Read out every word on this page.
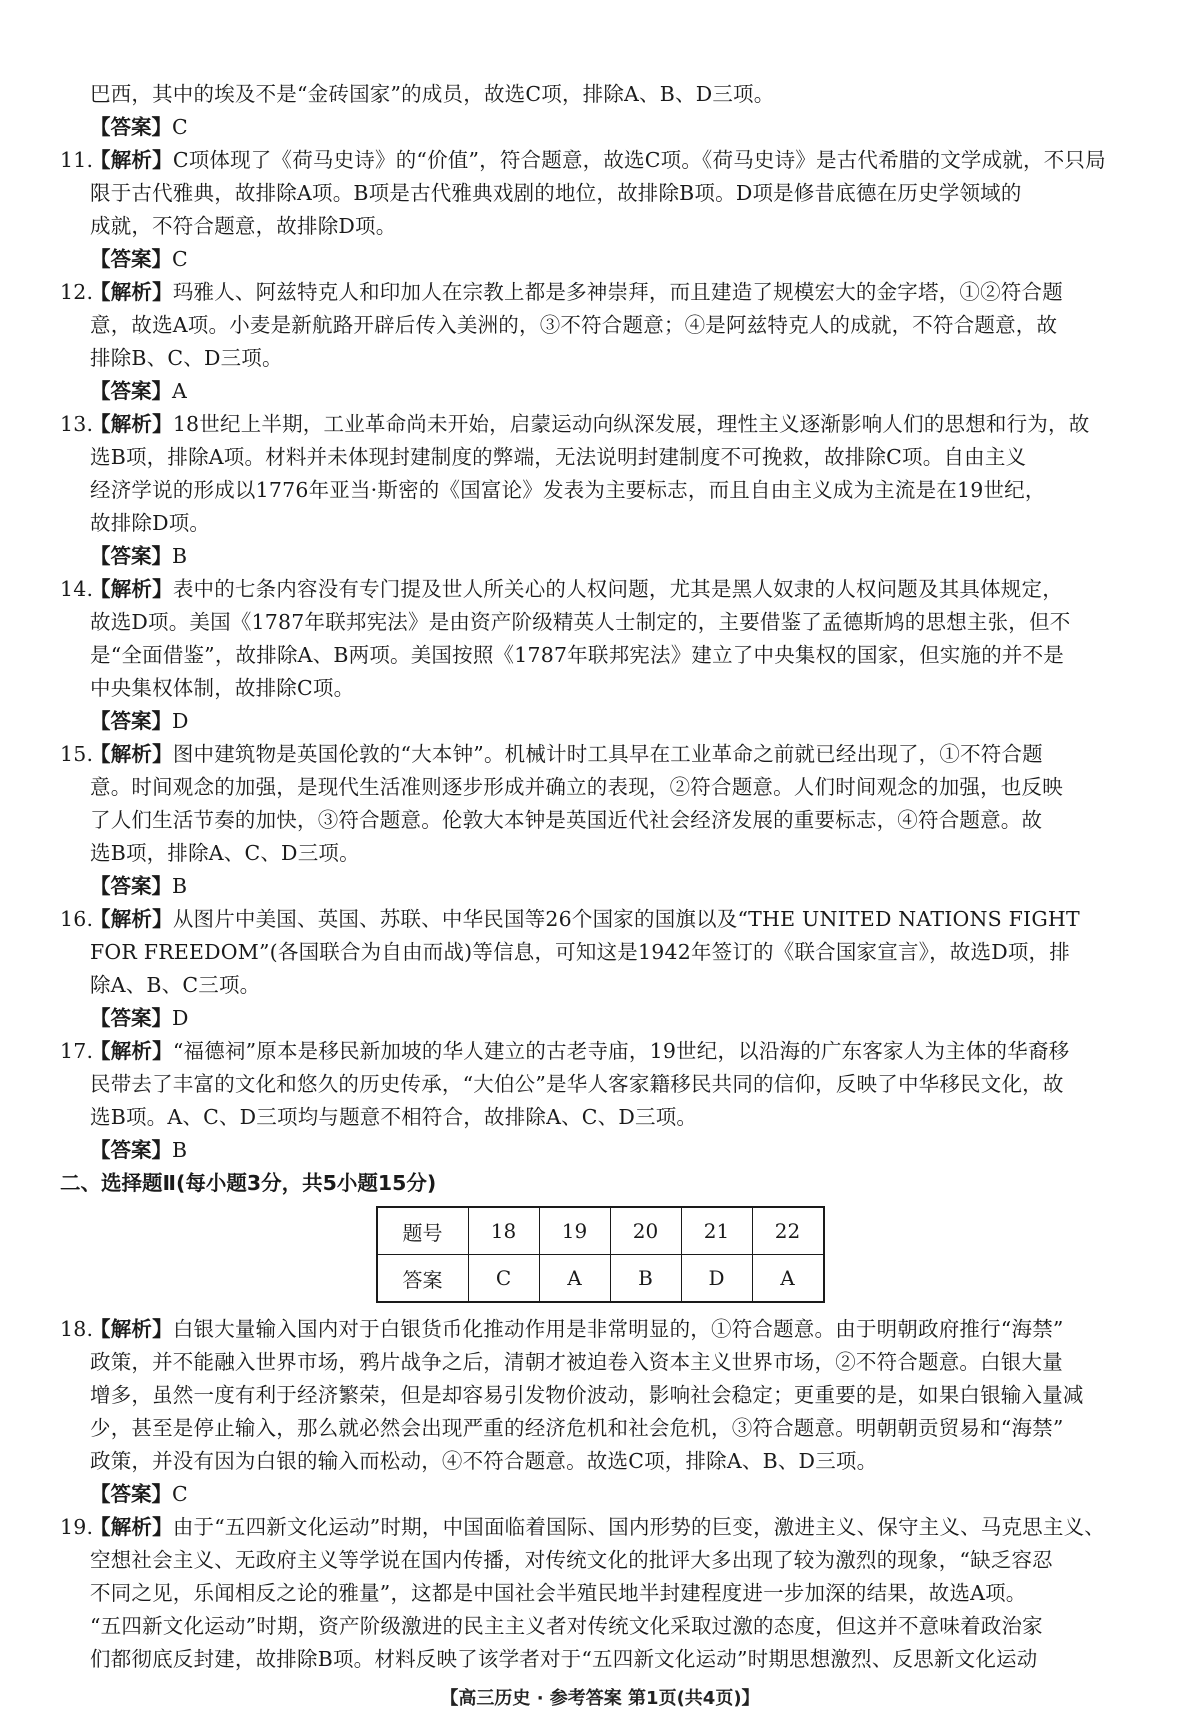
巴西，其中的埃及不是“金砖国家”的成员，故选C项，排除A、B、D三项。

【答案】C

11.【解析】C项体现了《荷马史诗》的“价值”，符合题意，故选C项。《荷马史诗》是古代希腊的文学成就，不只局
限于古代雅典，故排除A项。B项是古代雅典戏剧的地位，故排除B项。D项是修昔底德在历史学领域的
成就，不符合题意，故排除D项。

【答案】C

12.【解析】玛雅人、阿兹特克人和印加人在宗教上都是多神崇拜，而且建造了规模宏大的金字塔，①②符合题
意，故选A项。小麦是新航路开辟后传入美洲的，③不符合题意；④是阿兹特克人的成就，不符合题意，故
排除B、C、D三项。

【答案】A

13.【解析】18世纪上半期，工业革命尚未开始，启蒙运动向纵深发展，理性主义逐渐影响人们的思想和行为，故
选B项，排除A项。材料并未体现封建制度的弊端，无法说明封建制度不可挽救，故排除C项。自由主义
经济学说的形成以1776年亚当·斯密的《国富论》发表为主要标志，而且自由主义成为主流是在19世纪，
故排除D项。

【答案】B

14.【解析】表中的七条内容没有专门提及世人所关心的人权问题，尤其是黑人奴隶的人权问题及其具体规定，
故选D项。美国《1787年联邦宪法》是由资产阶级精英人士制定的，主要借鉴了孟德斯鸠的思想主张，但不
是“全面借鉴”，故排除A、B两项。美国按照《1787年联邦宪法》建立了中央集权的国家，但实施的并不是
中央集权体制，故排除C项。

【答案】D

15.【解析】图中建筑物是英国伦敦的“大本钟”。机械计时工具早在工业革命之前就已经出现了，①不符合题
意。时间观念的加强，是现代生活准则逐步形成并确立的表现，②符合题意。人们时间观念的加强，也反映
了人们生活节奏的加快，③符合题意。伦敦大本钟是英国近代社会经济发展的重要标志，④符合题意。故
选B项，排除A、C、D三项。

【答案】B

16.【解析】从图片中美国、英国、苏联、中华民国等26个国家的国旗以及“THE UNITED NATIONS FIGHT
FOR FREEDOM”(各国联合为自由而战)等信息，可知这是1942年签订的《联合国家宣言》，故选D项，排
除A、B、C三项。

【答案】D

17.【解析】“福德祠”原本是移民新加坡的华人建立的古老寺庙，19世纪，以沿海的广东客家人为主体的华裔移
民带去了丰富的文化和悠久的历史传承，“大伯公”是华人客家籍移民共同的信仰，反映了中华移民文化，故
选B项。A、C、D三项均与题意不相符合，故排除A、C、D三项。

【答案】B

二、选择题Ⅱ(每小题3分，共5小题15分)

题号	18	19	20	21	22
答案	C	A	B	D	A
18.【解析】白银大量输入国内对于白银货币化推动作用是非常明显的，①符合题意。由于明朝政府推行“海禁”
政策，并不能融入世界市场，鸦片战争之后，清朝才被迫卷入资本主义世界市场，②不符合题意。白银大量
增多，虽然一度有利于经济繁荣，但是却容易引发物价波动，影响社会稳定；更重要的是，如果白银输入量减
少，甚至是停止输入，那么就必然会出现严重的经济危机和社会危机，③符合题意。明朝朝贡贸易和“海禁”
政策，并没有因为白银的输入而松动，④不符合题意。故选C项，排除A、B、D三项。

【答案】C

19.【解析】由于“五四新文化运动”时期，中国面临着国际、国内形势的巨变，激进主义、保守主义、马克思主义、
空想社会主义、无政府主义等学说在国内传播，对传统文化的批评大多出现了较为激烈的现象，“缺乏容忍
不同之见，乐闻相反之论的雅量”，这都是中国社会半殖民地半封建程度进一步加深的结果，故选A项。
“五四新文化运动”时期，资产阶级激进的民主主义者对传统文化采取过激的态度，但这并不意味着政治家
们都彻底反封建，故排除B项。材料反映了该学者对于“五四新文化运动”时期思想激烈、反思新文化运动
【高三历史 · 参考答案 第1页(共4页)】
